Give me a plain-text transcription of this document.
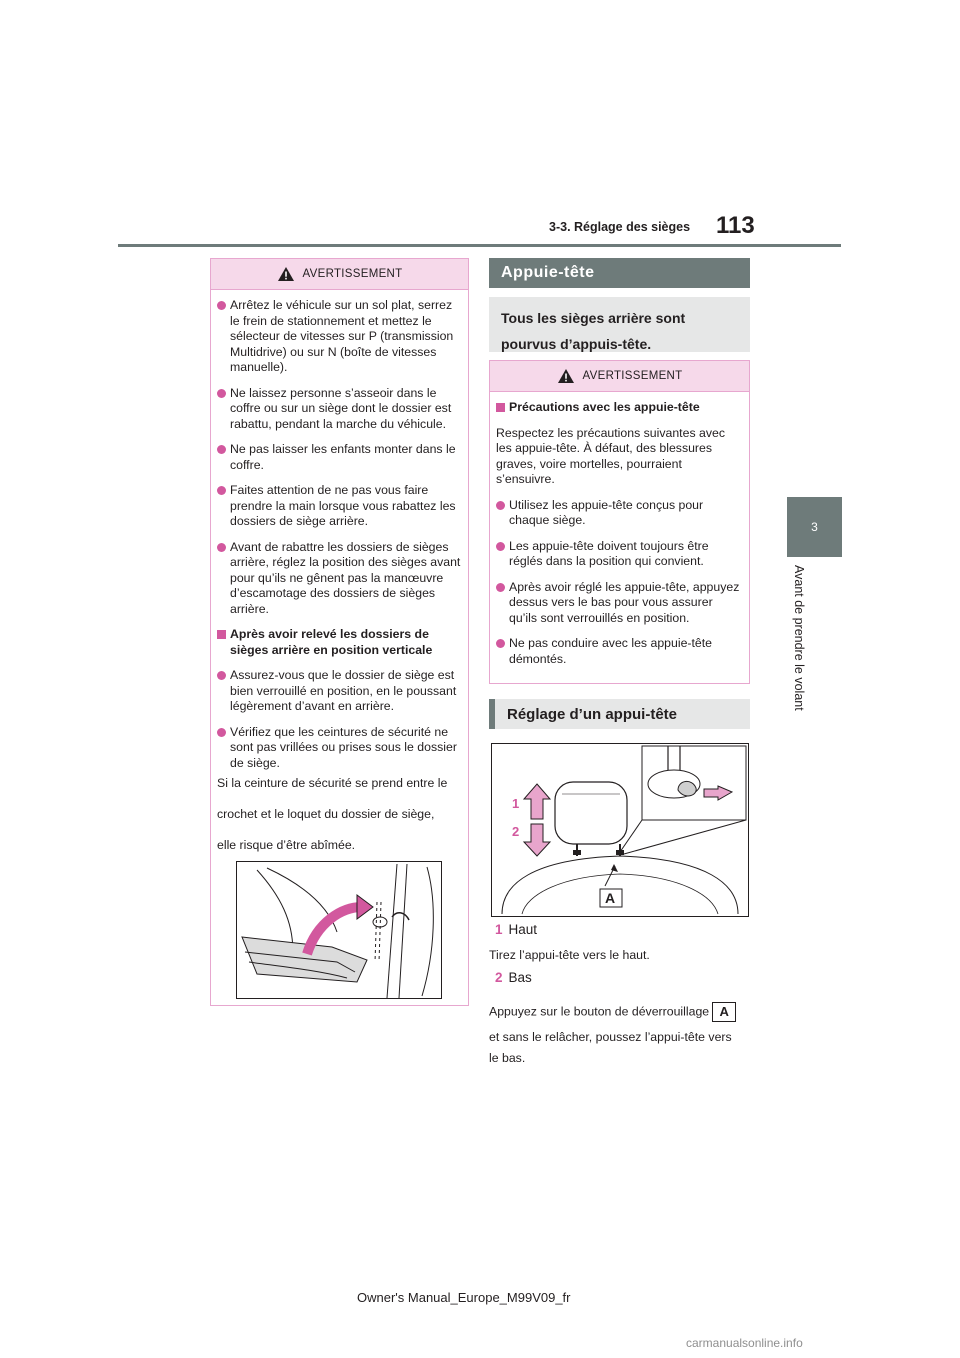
3-3. Réglage des sièges 113
3
Avant de prendre le volant
AVERTISSEMENT

Arrêtez le véhicule sur un sol plat, serrez le frein de stationnement et mettez le sélecteur de vitesses sur P (transmission Multidrive) ou sur N (boîte de vitesses manuelle).

Ne laissez personne s’asseoir dans le coffre ou sur un siège dont le dossier est rabattu, pendant la marche du véhicule.

Ne pas laisser les enfants monter dans le coffre.

Faites attention de ne pas vous faire prendre la main lorsque vous rabattez les dossiers de siège arrière.

Avant de rabattre les dossiers de sièges arrière, réglez la position des sièges avant pour qu’ils ne gênent pas la manœuvre d’escamotage des dossiers de sièges arrière.

Après avoir relevé les dossiers de sièges arrière en position verticale

Assurez-vous que le dossier de siège est bien verrouillé en position, en le poussant légèrement d’avant en arrière.

Vérifiez que les ceintures de sécurité ne sont pas vrillées ou prises sous le dossier de siège.

Si la ceinture de sécurité se prend entre le

crochet et le loquet du dossier de siège,

elle risque d’être abîmée.

Appuie-tête
Tous les sièges arrière sont pourvus d’appuis-tête.
AVERTISSEMENT

Précautions avec les appuie-tête

Respectez les précautions suivantes avec les appuie-tête. À défaut, des blessures graves, voire mortelles, pourraient s’ensuivre.

Utilisez les appuie-tête conçus pour chaque siège.

Les appuie-tête doivent toujours être réglés dans la position qui convient.

Après avoir réglé les appuie-tête, appuyez dessus vers le bas pour vous assurer qu’ils sont verrouillés en position.

Ne pas conduire avec les appuie-tête démontés.

Réglage d’un appui-tête
1
2
A
1 Haut
Tirez l’appui-tête vers le haut.
2 Bas
Appuyez sur le bouton de déverrouillage A
et sans le relâcher, poussez l’appui-tête vers
le bas.
Owner's Manual_Europe_M99V09_fr
carmanualsonline.info
